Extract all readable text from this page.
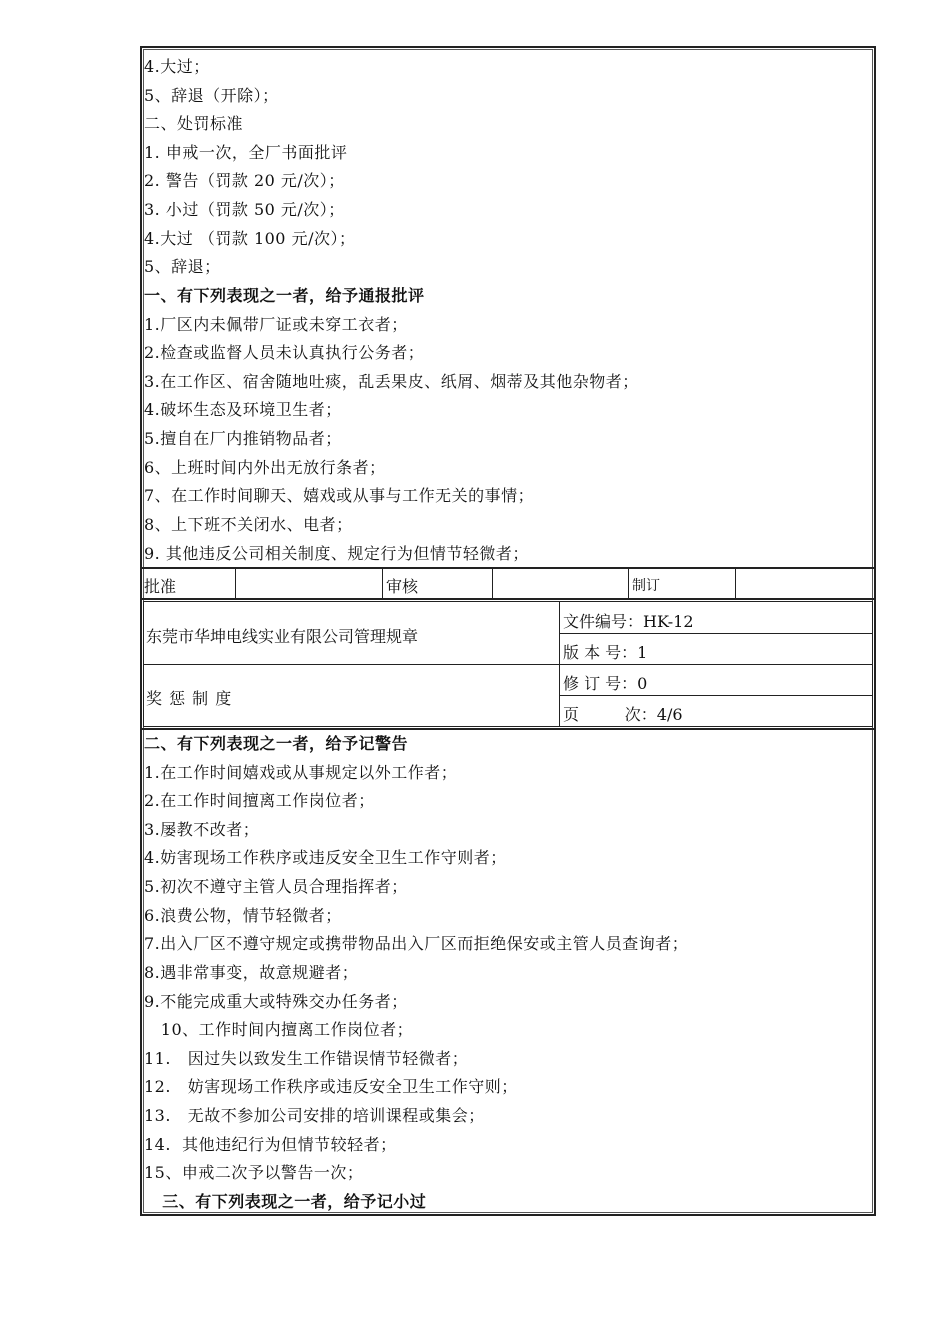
4.大过；
5、辞退（开除）；
二、处罚标准
1. 申戒一次，全厂书面批评
2. 警告（罚款 20 元/次）；
3. 小过（罚款 50 元/次）；
4.大过 （罚款 100 元/次）；
5、辞退；
一、有下列表现之一者，给予通报批评
1.厂区内未佩带厂证或未穿工衣者；
2.检查或监督人员未认真执行公务者；
3.在工作区、宿舍随地吐痰，乱丢果皮、纸屑、烟蒂及其他杂物者；
4.破坏生态及环境卫生者；
5.擅自在厂内推销物品者；
6、上班时间内外出无放行条者；
7、在工作时间聊天、嬉戏或从事与工作无关的事情；
8、上下班不关闭水、电者；
9. 其他违反公司相关制度、规定行为但情节轻微者；
批准	审核	制订
东莞市华坤电线实业有限公司管理规章
奖 惩 制 度
文件编号：HK-12
版 本 号：1
修 订 号：0
页         次：4/6
二、有下列表现之一者，给予记警告
1.在工作时间嬉戏或从事规定以外工作者；
2.在工作时间擅离工作岗位者；
3.屡教不改者；
4.妨害现场工作秩序或违反安全卫生工作守则者；
5.初次不遵守主管人员合理指挥者；
6.浪费公物，情节轻微者；
7.出入厂区不遵守规定或携带物品出入厂区而拒绝保安或主管人员查询者；
8.遇非常事变，故意规避者；
9.不能完成重大或特殊交办任务者；
10、工作时间内擅离工作岗位者；
11.   因过失以致发生工作错误情节轻微者；
12.   妨害现场工作秩序或违反安全卫生工作守则；
13.   无故不参加公司安排的培训课程或集会；
14.  其他违纪行为但情节较轻者；
15、申戒二次予以警告一次；
三、有下列表现之一者，给予记小过
